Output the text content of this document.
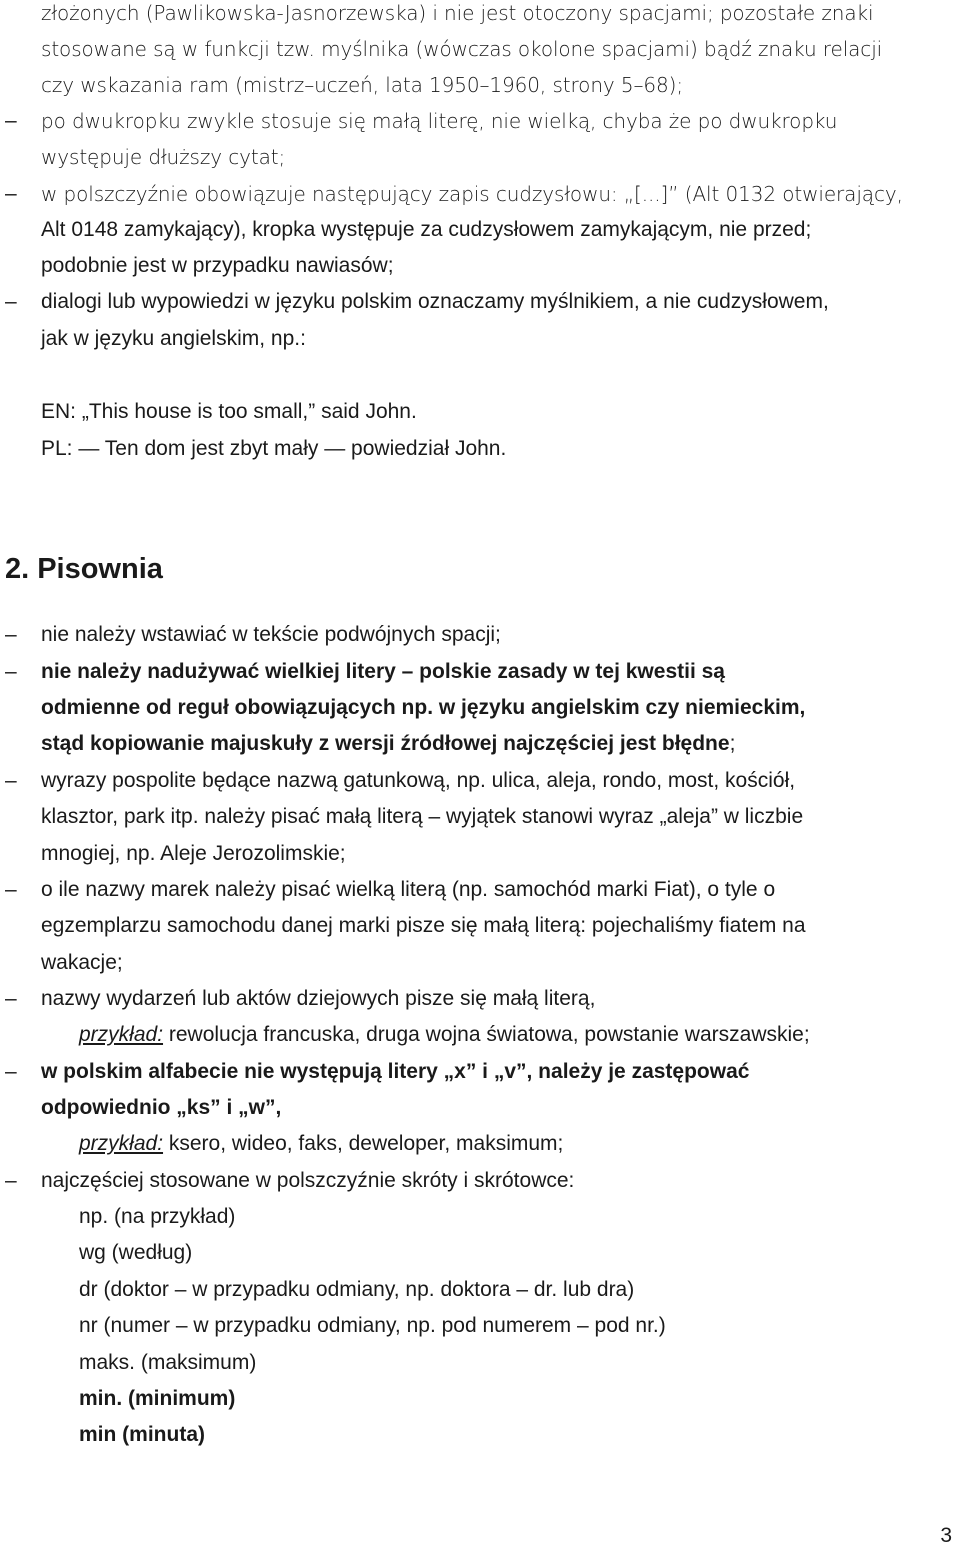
złożonych (Pawlikowska-Jasnorzewska) i nie jest otoczony spacjami; pozostałe znaki
stosowane są w funkcji tzw. myślnika (wówczas okolone spacjami) bądź znaku relacji
czy wskazania ram (mistrz–uczeń, lata 1950–1960, strony 5–68);
– po dwukropku zwykle stosuje się małą literę, nie wielką, chyba że po dwukropku
występuje dłuższy cytat;
– w polszczyźnie obowiązuje następujący zapis cudzysłowu: „[...]” (Alt 0132 otwierający,
Alt 0148 zamykający), kropka występuje za cudzysłowem zamykającym, nie przed;
podobnie jest w przypadku nawiasów;
– dialogi lub wypowiedzi w języku polskim oznaczamy myślnikiem, a nie cudzysłowem,
jak w języku angielskim, np.:
EN: „This house is too small,” said John.
PL: — Ten dom jest zbyt mały — powiedział John.
2. Pisownia
– nie należy wstawiać w tekście podwójnych spacji;
– nie należy nadużywać wielkiej litery – polskie zasady w tej kwestii są
odmienne od reguł obowiązujących np. w języku angielskim czy niemieckim,
stąd kopiowanie majuskuły z wersji źródłowej najczęściej jest błędne;
– wyrazy pospolite będące nazwą gatunkową, np. ulica, aleja, rondo, most, kościół,
klasztor, park itp. należy pisać małą literą – wyjątek stanowi wyraz „aleja” w liczbie
mnogiej, np. Aleje Jerozolimskie;
– o ile nazwy marek należy pisać wielką literą (np. samochód marki Fiat), o tyle o
egzemplarzu samochodu danej marki pisze się małą literą: pojechaliśmy fiatem na
wakacje;
– nazwy wydarzeń lub aktów dziejowych pisze się małą literą,
przykład: rewolucja francuska, druga wojna światowa, powstanie warszawskie;
– w polskim alfabecie nie występują litery „x” i „v”, należy je zastępować
odpowiednio „ks” i „w”,
przykład: ksero, wideo, faks, deweloper, maksimum;
– najczęściej stosowane w polszczyźnie skróty i skrótowce:
np. (na przykład)
wg (według)
dr (doktor – w przypadku odmiany, np. doktora – dr. lub dra)
nr (numer – w przypadku odmiany, np. pod numerem – pod nr.)
maks. (maksimum)
min. (minimum)
min (minuta)
3
